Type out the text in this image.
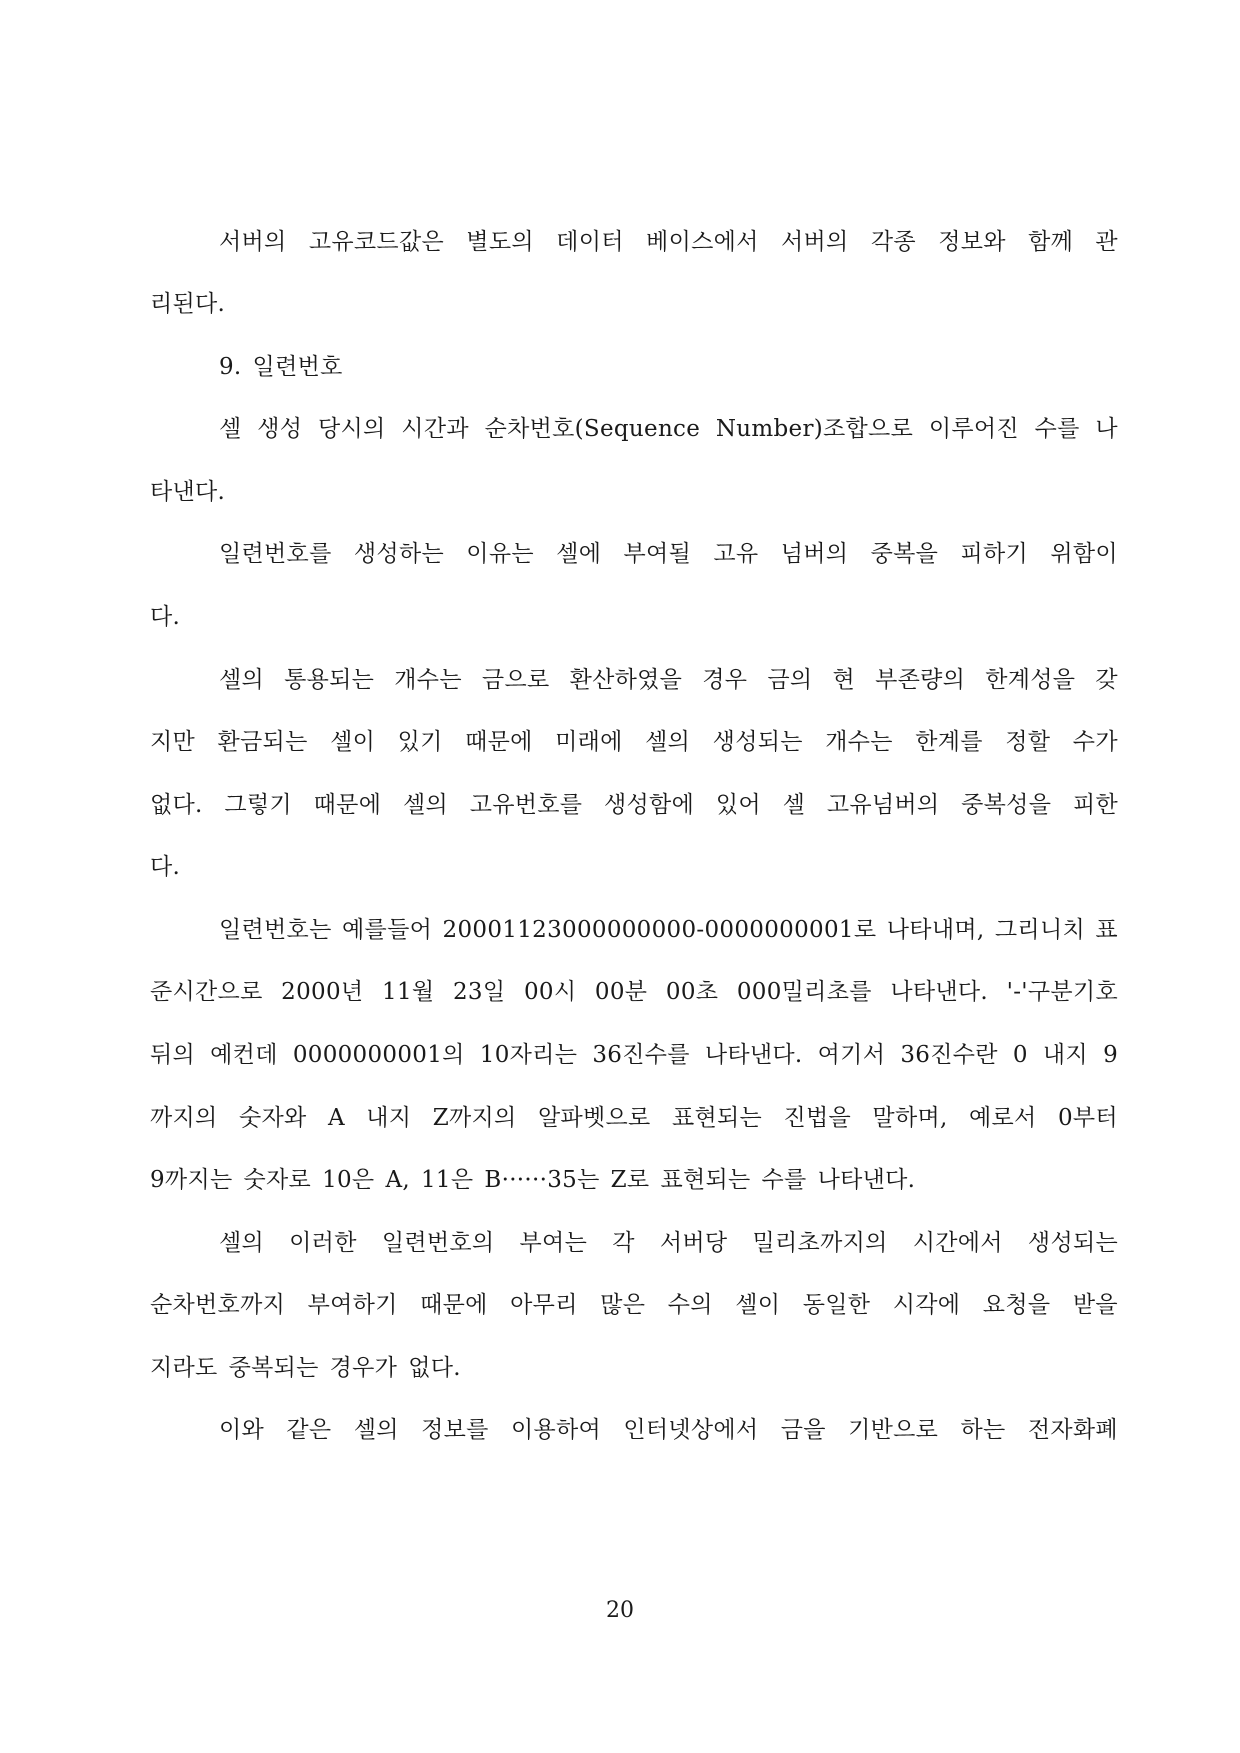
서버의 고유코드값은 별도의 데이터 베이스에서 서버의 각종 정보와 함께 관
리된다.
9. 일련번호
셀 생성 당시의 시간과 순차번호(Sequence Number)조합으로 이루어진 수를 나
타낸다.
일련번호를 생성하는 이유는 셀에 부여될 고유 넘버의 중복을 피하기 위함이
다.
셀의 통용되는 개수는 금으로 환산하였을 경우 금의 현 부존량의 한계성을 갖
지만 환금되는 셀이 있기 때문에 미래에 셀의 생성되는 개수는 한계를 정할 수가
없다. 그렇기 때문에 셀의 고유번호를 생성함에 있어 셀 고유넘버의 중복성을 피한
다.
일련번호는 예를들어 20001123000000000-0000000001로 나타내며, 그리니치 표
준시간으로 2000년 11월 23일 00시 00분 00초 000밀리초를 나타낸다. '-'구분기호
뒤의 예컨데 0000000001의 10자리는 36진수를 나타낸다. 여기서 36진수란 0 내지 9
까지의 숫자와 A 내지 Z까지의 알파벳으로 표현되는 진법을 말하며, 예로서 0부터
9까지는 숫자로 10은 A, 11은 B······35는 Z로 표현되는 수를 나타낸다.
셀의 이러한 일련번호의 부여는 각 서버당 밀리초까지의 시간에서 생성되는
순차번호까지 부여하기 때문에 아무리 많은 수의 셀이 동일한 시각에 요청을 받을
지라도 중복되는 경우가 없다.
이와 같은 셀의 정보를 이용하여 인터넷상에서 금을 기반으로 하는 전자화폐
20
